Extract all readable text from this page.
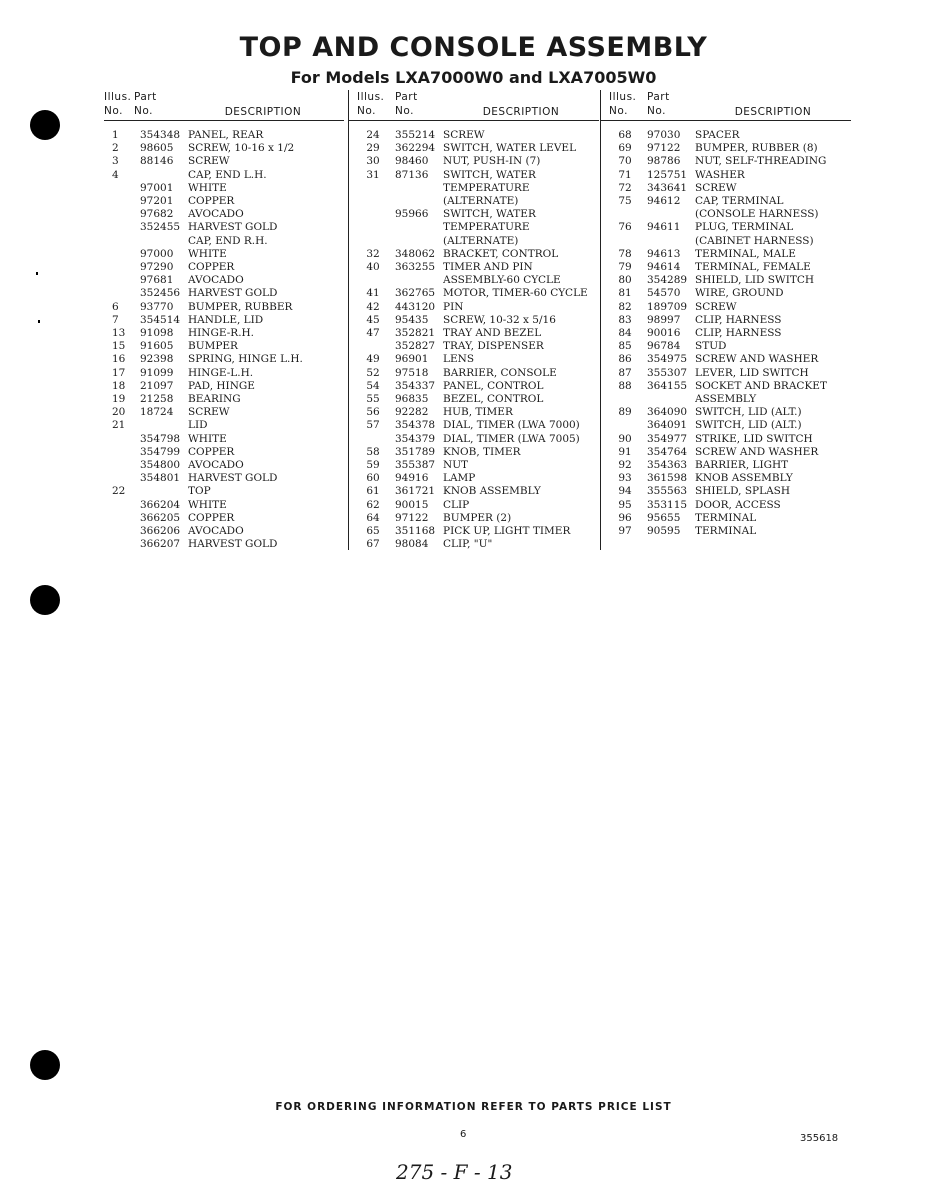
TOP AND CONSOLE ASSEMBLY
For Models LXA7000W0 and LXA7005W0
Illus.
No.
Part
No.	DESCRIPTION
1	354348 PANEL, REAR
2	98605	SCREW, 10-16 x 1/2
3	88146	SCREW
4	CAP, END L.H.
97001	WHITE
97201	COPPER
97682	AVOCADO
352455 HARVEST GOLD
CAP, END R.H.
97000	WHITE
97290	COPPER
97681	AVOCADO
352456 HARVEST GOLD
6	93770	BUMPER, RUBBER
7	354514 HANDLE, LID
13	91098	HINGE-R.H.
15	91605	BUMPER
16	92398	SPRING, HINGE L.H.
17	91099	HINGE-L.H.
18	21097	PAD, HINGE
19	21258	BEARING
20	18724	SCREW
21	LID
354798 WHITE
354799 COPPER
354800 AVOCADO
354801 HARVEST GOLD
22	TOP
366204 WHITE
366205 COPPER
366206 AVOCADO
366207 HARVEST GOLD
Illus.
No.
Part
No.	DESCRIPTION
24	355214 SCREW
29	362294 SWITCH, WATER LEVEL
30	98460	NUT, PUSH-IN (7)
31	87136	SWITCH, WATER
TEMPERATURE
(ALTERNATE)
95966	SWITCH, WATER
TEMPERATURE
(ALTERNATE)
32	348062 BRACKET, CONTROL
40	363255 TIMER AND PIN
ASSEMBLY-60 CYCLE
41	362765 MOTOR, TIMER-60 CYCLE
42	443120 PIN
45	95435	SCREW, 10-32 x 5/16
47	352821 TRAY AND BEZEL
352827 TRAY, DISPENSER
49	96901	LENS
52	97518	BARRIER, CONSOLE
54	354337 PANEL, CONTROL
55	96835	BEZEL, CONTROL
56	92282	HUB, TIMER
57	354378 DIAL, TIMER (LWA 7000)
354379 DIAL, TIMER (LWA 7005)
58	351789 KNOB, TIMER
59	355387 NUT
60	94916	LAMP
61	361721 KNOB ASSEMBLY
62	90015	CLIP
64	97122	BUMPER (2)
65	351168 PICK UP, LIGHT TIMER
67	98084	CLIP, "U"
Illus.
No.
Part
No.	DESCRIPTION
68	97030	SPACER
69	97122	BUMPER, RUBBER (8)
70	98786	NUT, SELF-THREADING
71	125751 WASHER
72	343641 SCREW
75	94612	CAP, TERMINAL
(CONSOLE HARNESS)
76	94611	PLUG, TERMINAL
(CABINET HARNESS)
78	94613	TERMINAL, MALE
79	94614	TERMINAL, FEMALE
80	354289 SHIELD, LID SWITCH
81	54570	WIRE, GROUND
82	189709 SCREW
83	98997	CLIP, HARNESS
84	90016	CLIP, HARNESS
85	96784	STUD
86	354975 SCREW AND WASHER
87	355307 LEVER, LID SWITCH
88	364155 SOCKET AND BRACKET
ASSEMBLY
89	364090 SWITCH, LID (ALT.)
364091 SWITCH, LID (ALT.)
90	354977 STRIKE, LID SWITCH
91	354764 SCREW AND WASHER
92	354363 BARRIER, LIGHT
93	361598 KNOB ASSEMBLY
94	355563 SHIELD, SPLASH
95	353115 DOOR, ACCESS
96	95655	TERMINAL
97	90595	TERMINAL

FOR ORDERING INFORMATION REFER TO PARTS PRICE LIST

6	355618
275 - F - 13
